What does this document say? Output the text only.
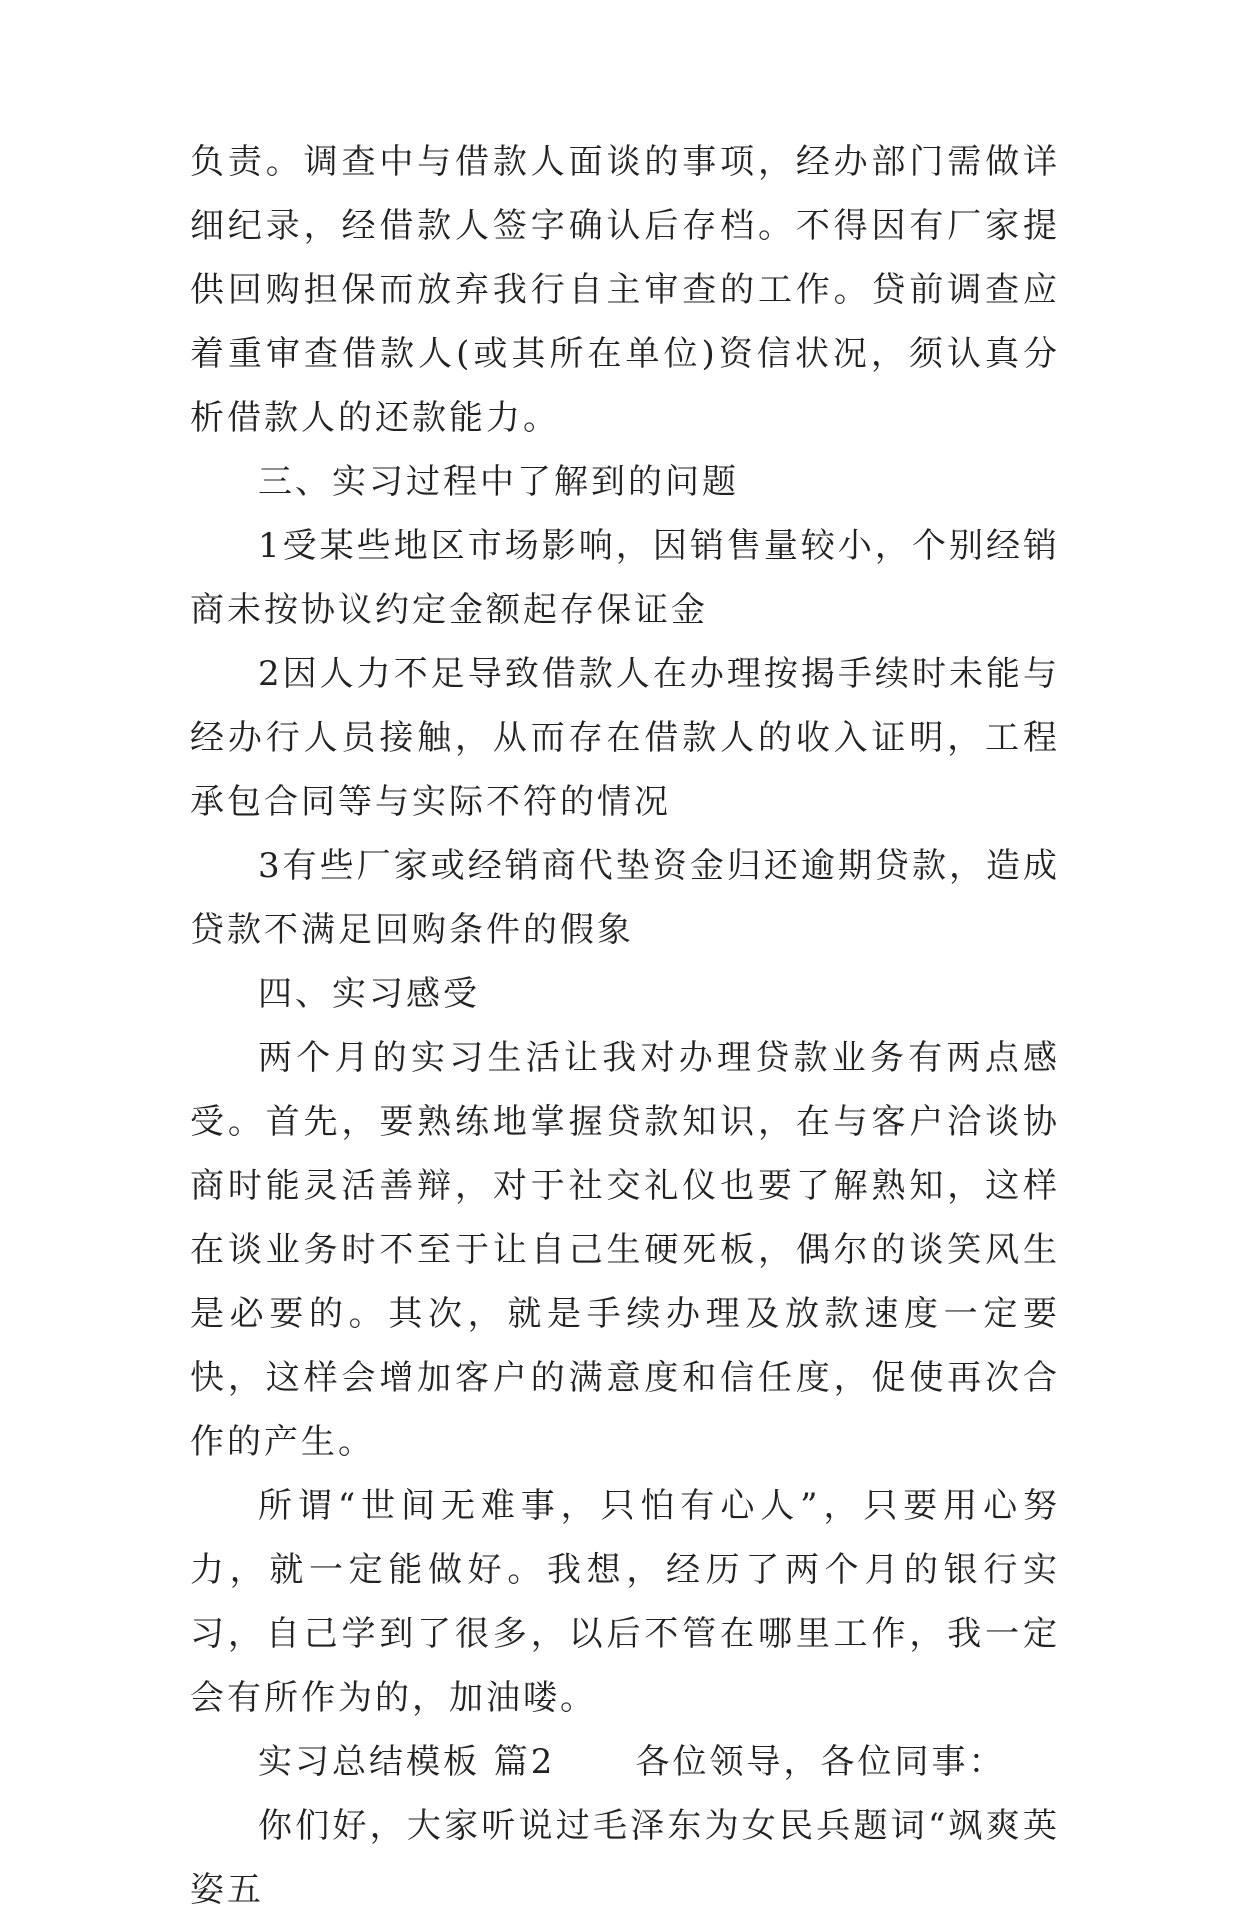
负责。调查中与借款人面谈的事项，经办部门需做详细纪录，经借款人签字确认后存档。不得因有厂家提供回购担保而放弃我行自主审查的工作。贷前调查应着重审查借款人(或其所在单位)资信状况，须认真分析借款人的还款能力。

三、实习过程中了解到的问题

1受某些地区市场影响，因销售量较小，个别经销商未按协议约定金额起存保证金

2因人力不足导致借款人在办理按揭手续时未能与经办行人员接触，从而存在借款人的收入证明，工程承包合同等与实际不符的情况

3有些厂家或经销商代垫资金归还逾期贷款，造成贷款不满足回购条件的假象

四、实习感受

两个月的实习生活让我对办理贷款业务有两点感受。首先，要熟练地掌握贷款知识，在与客户洽谈协商时能灵活善辩，对于社交礼仪也要了解熟知，这样在谈业务时不至于让自己生硬死板，偶尔的谈笑风生是必要的。其次，就是手续办理及放款速度一定要快，这样会增加客户的满意度和信任度，促使再次合作的产生。

所谓“世间无难事，只怕有心人”，只要用心努力，就一定能做好。我想，经历了两个月的银行实习，自己学到了很多，以后不管在哪里工作，我一定会有所作为的，加油喽。

实习总结模板 篇2 各位领导，各位同事：

你们好，大家听说过毛泽东为女民兵题词“飒爽英姿五
